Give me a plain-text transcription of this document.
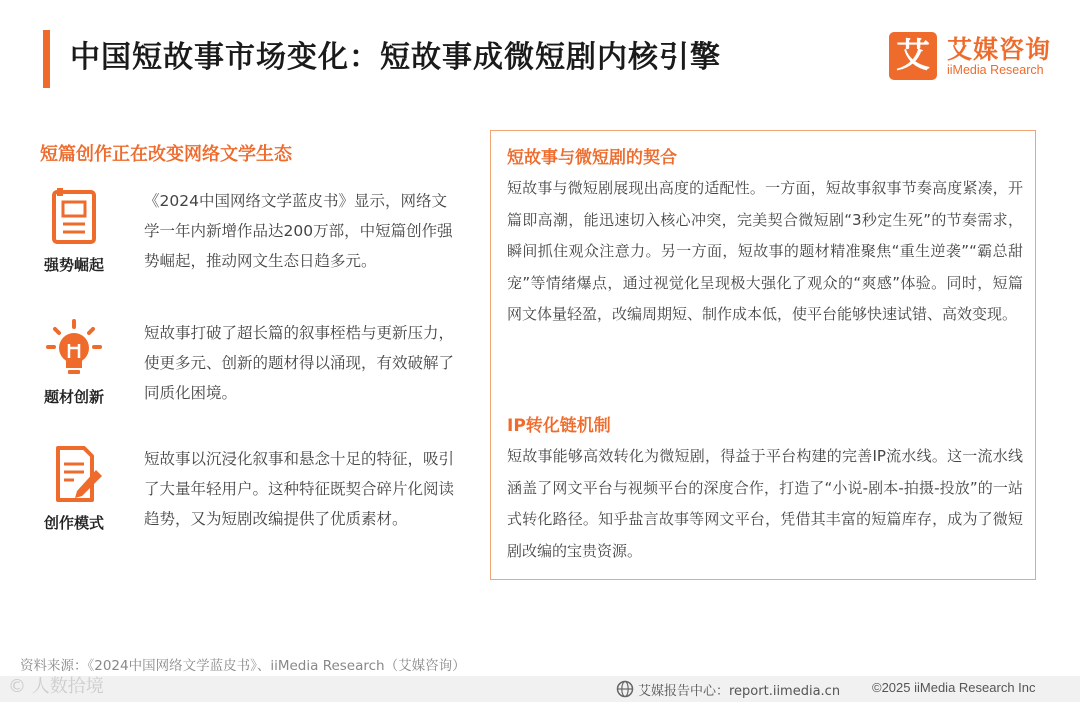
中国短故事市场变化：短故事成微短剧内核引擎	艾 艾媒咨询
iiMedia Research
短篇创作正在改变网络文学生态
强势崛起
《2024中国网络文学蓝皮书》显示，网络文学一年内新增作品达200万部，中短篇创作强势崛起，推动网文生态日趋多元。
题材创新
短故事打破了超长篇的叙事桎梏与更新压力，使更多元、创新的题材得以涌现，有效破解了同质化困境。
创作模式
短故事以沉浸化叙事和悬念十足的特征，吸引了大量年轻用户。这种特征既契合碎片化阅读趋势，又为短剧改编提供了优质素材。
短故事与微短剧的契合
短故事与微短剧展现出高度的适配性。一方面，短故事叙事节奏高度紧凑，开篇即高潮，能迅速切入核心冲突，完美契合微短剧“3秒定生死”的节奏需求，瞬间抓住观众注意力。另一方面，短故事的题材精准聚焦“重生逆袭”“霸总甜宠”等情绪爆点，通过视觉化呈现极大强化了观众的“爽感”体验。同时，短篇网文体量轻盈，改编周期短、制作成本低，使平台能够快速试错、高效变现。
IP转化链机制
短故事能够高效转化为微短剧，得益于平台构建的完善IP流水线。这一流水线涵盖了网文平台与视频平台的深度合作，打造了“小说-剧本-拍摄-投放”的一站式转化路径。知乎盐言故事等网文平台，凭借其丰富的短篇库存，成为了微短剧改编的宝贵资源。
资料来源：《2024中国网络文学蓝皮书》、iiMedia Research（艾媒咨询）
© 人数拾境	艾媒报告中心：report.iimedia.cn ©2025 iiMedia Research Inc
